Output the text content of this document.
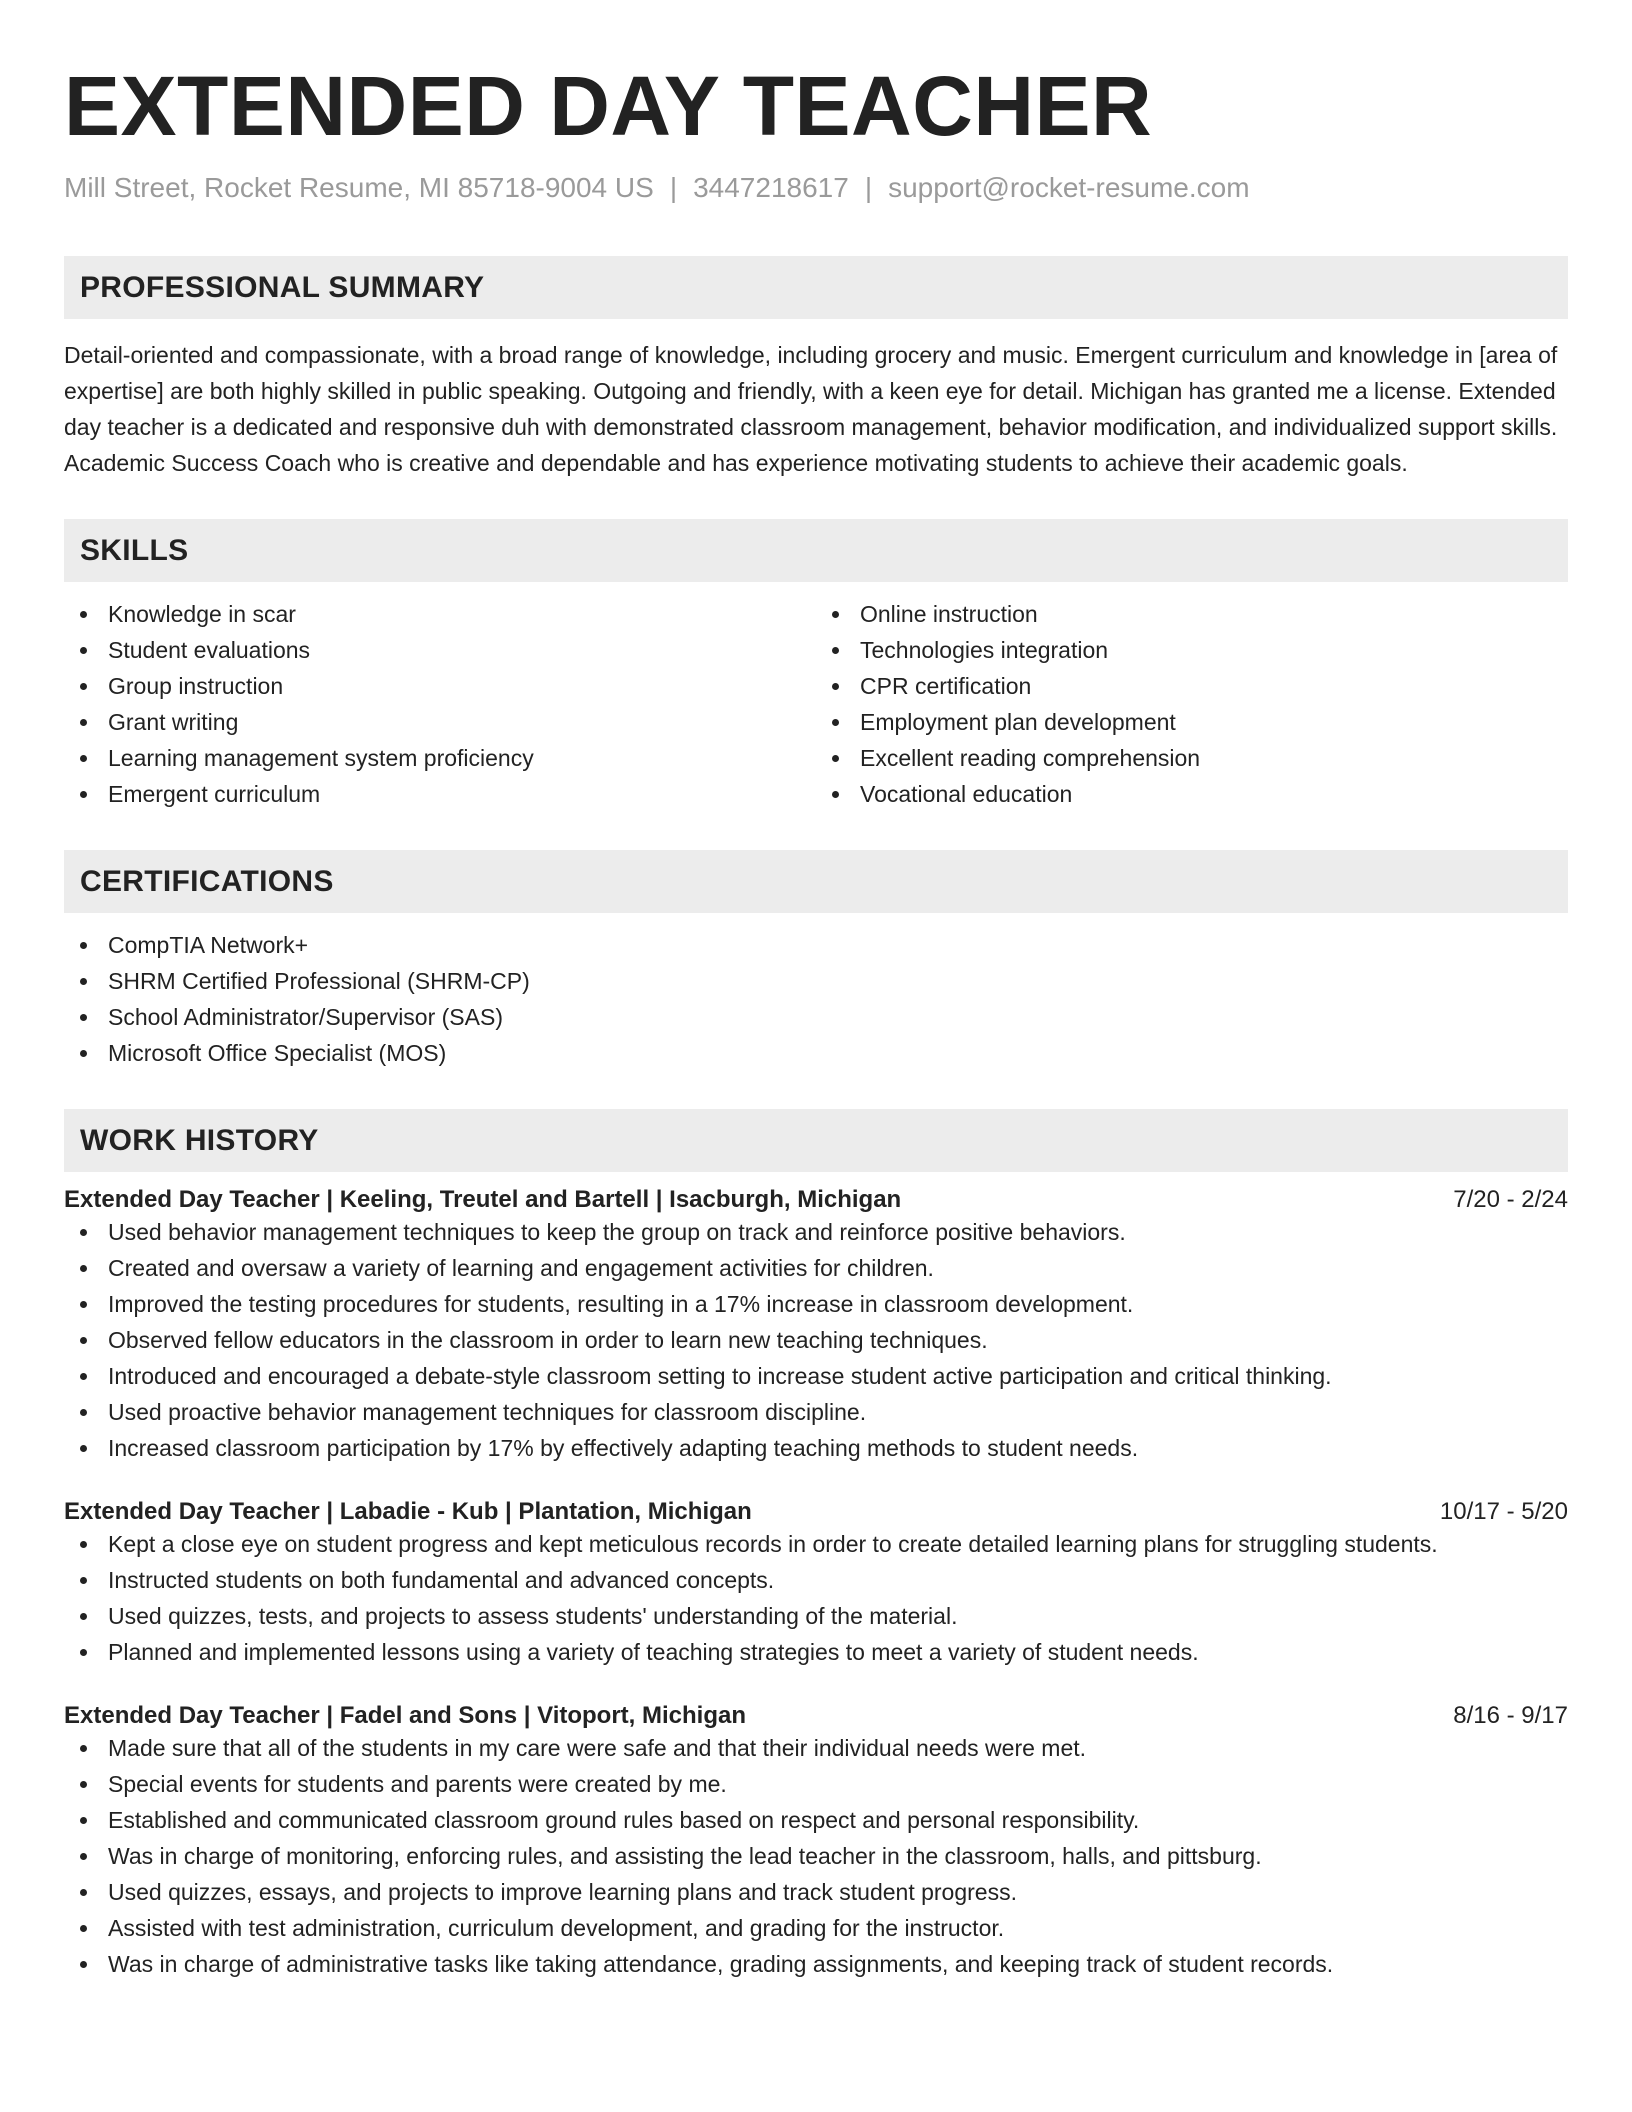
EXTENDED DAY TEACHER
Mill Street, Rocket Resume, MI 85718-9004 US | 3447218617 | support@rocket-resume.com
PROFESSIONAL SUMMARY
Detail-oriented and compassionate, with a broad range of knowledge, including grocery and music. Emergent curriculum and knowledge in [area of expertise] are both highly skilled in public speaking. Outgoing and friendly, with a keen eye for detail. Michigan has granted me a license. Extended day teacher is a dedicated and responsive duh with demonstrated classroom management, behavior modification, and individualized support skills. Academic Success Coach who is creative and dependable and has experience motivating students to achieve their academic goals.
SKILLS
Knowledge in scar
Student evaluations
Group instruction
Grant writing
Learning management system proficiency
Emergent curriculum
Online instruction
Technologies integration
CPR certification
Employment plan development
Excellent reading comprehension
Vocational education
CERTIFICATIONS
CompTIA Network+
SHRM Certified Professional (SHRM-CP)
School Administrator/Supervisor (SAS)
Microsoft Office Specialist (MOS)
WORK HISTORY
Extended Day Teacher | Keeling, Treutel and Bartell | Isacburgh, Michigan	7/20 - 2/24
Used behavior management techniques to keep the group on track and reinforce positive behaviors.
Created and oversaw a variety of learning and engagement activities for children.
Improved the testing procedures for students, resulting in a 17% increase in classroom development.
Observed fellow educators in the classroom in order to learn new teaching techniques.
Introduced and encouraged a debate-style classroom setting to increase student active participation and critical thinking.
Used proactive behavior management techniques for classroom discipline.
Increased classroom participation by 17% by effectively adapting teaching methods to student needs.
Extended Day Teacher | Labadie - Kub | Plantation, Michigan	10/17 - 5/20
Kept a close eye on student progress and kept meticulous records in order to create detailed learning plans for struggling students.
Instructed students on both fundamental and advanced concepts.
Used quizzes, tests, and projects to assess students' understanding of the material.
Planned and implemented lessons using a variety of teaching strategies to meet a variety of student needs.
Extended Day Teacher | Fadel and Sons | Vitoport, Michigan	8/16 - 9/17
Made sure that all of the students in my care were safe and that their individual needs were met.
Special events for students and parents were created by me.
Established and communicated classroom ground rules based on respect and personal responsibility.
Was in charge of monitoring, enforcing rules, and assisting the lead teacher in the classroom, halls, and pittsburg.
Used quizzes, essays, and projects to improve learning plans and track student progress.
Assisted with test administration, curriculum development, and grading for the instructor.
Was in charge of administrative tasks like taking attendance, grading assignments, and keeping track of student records.
